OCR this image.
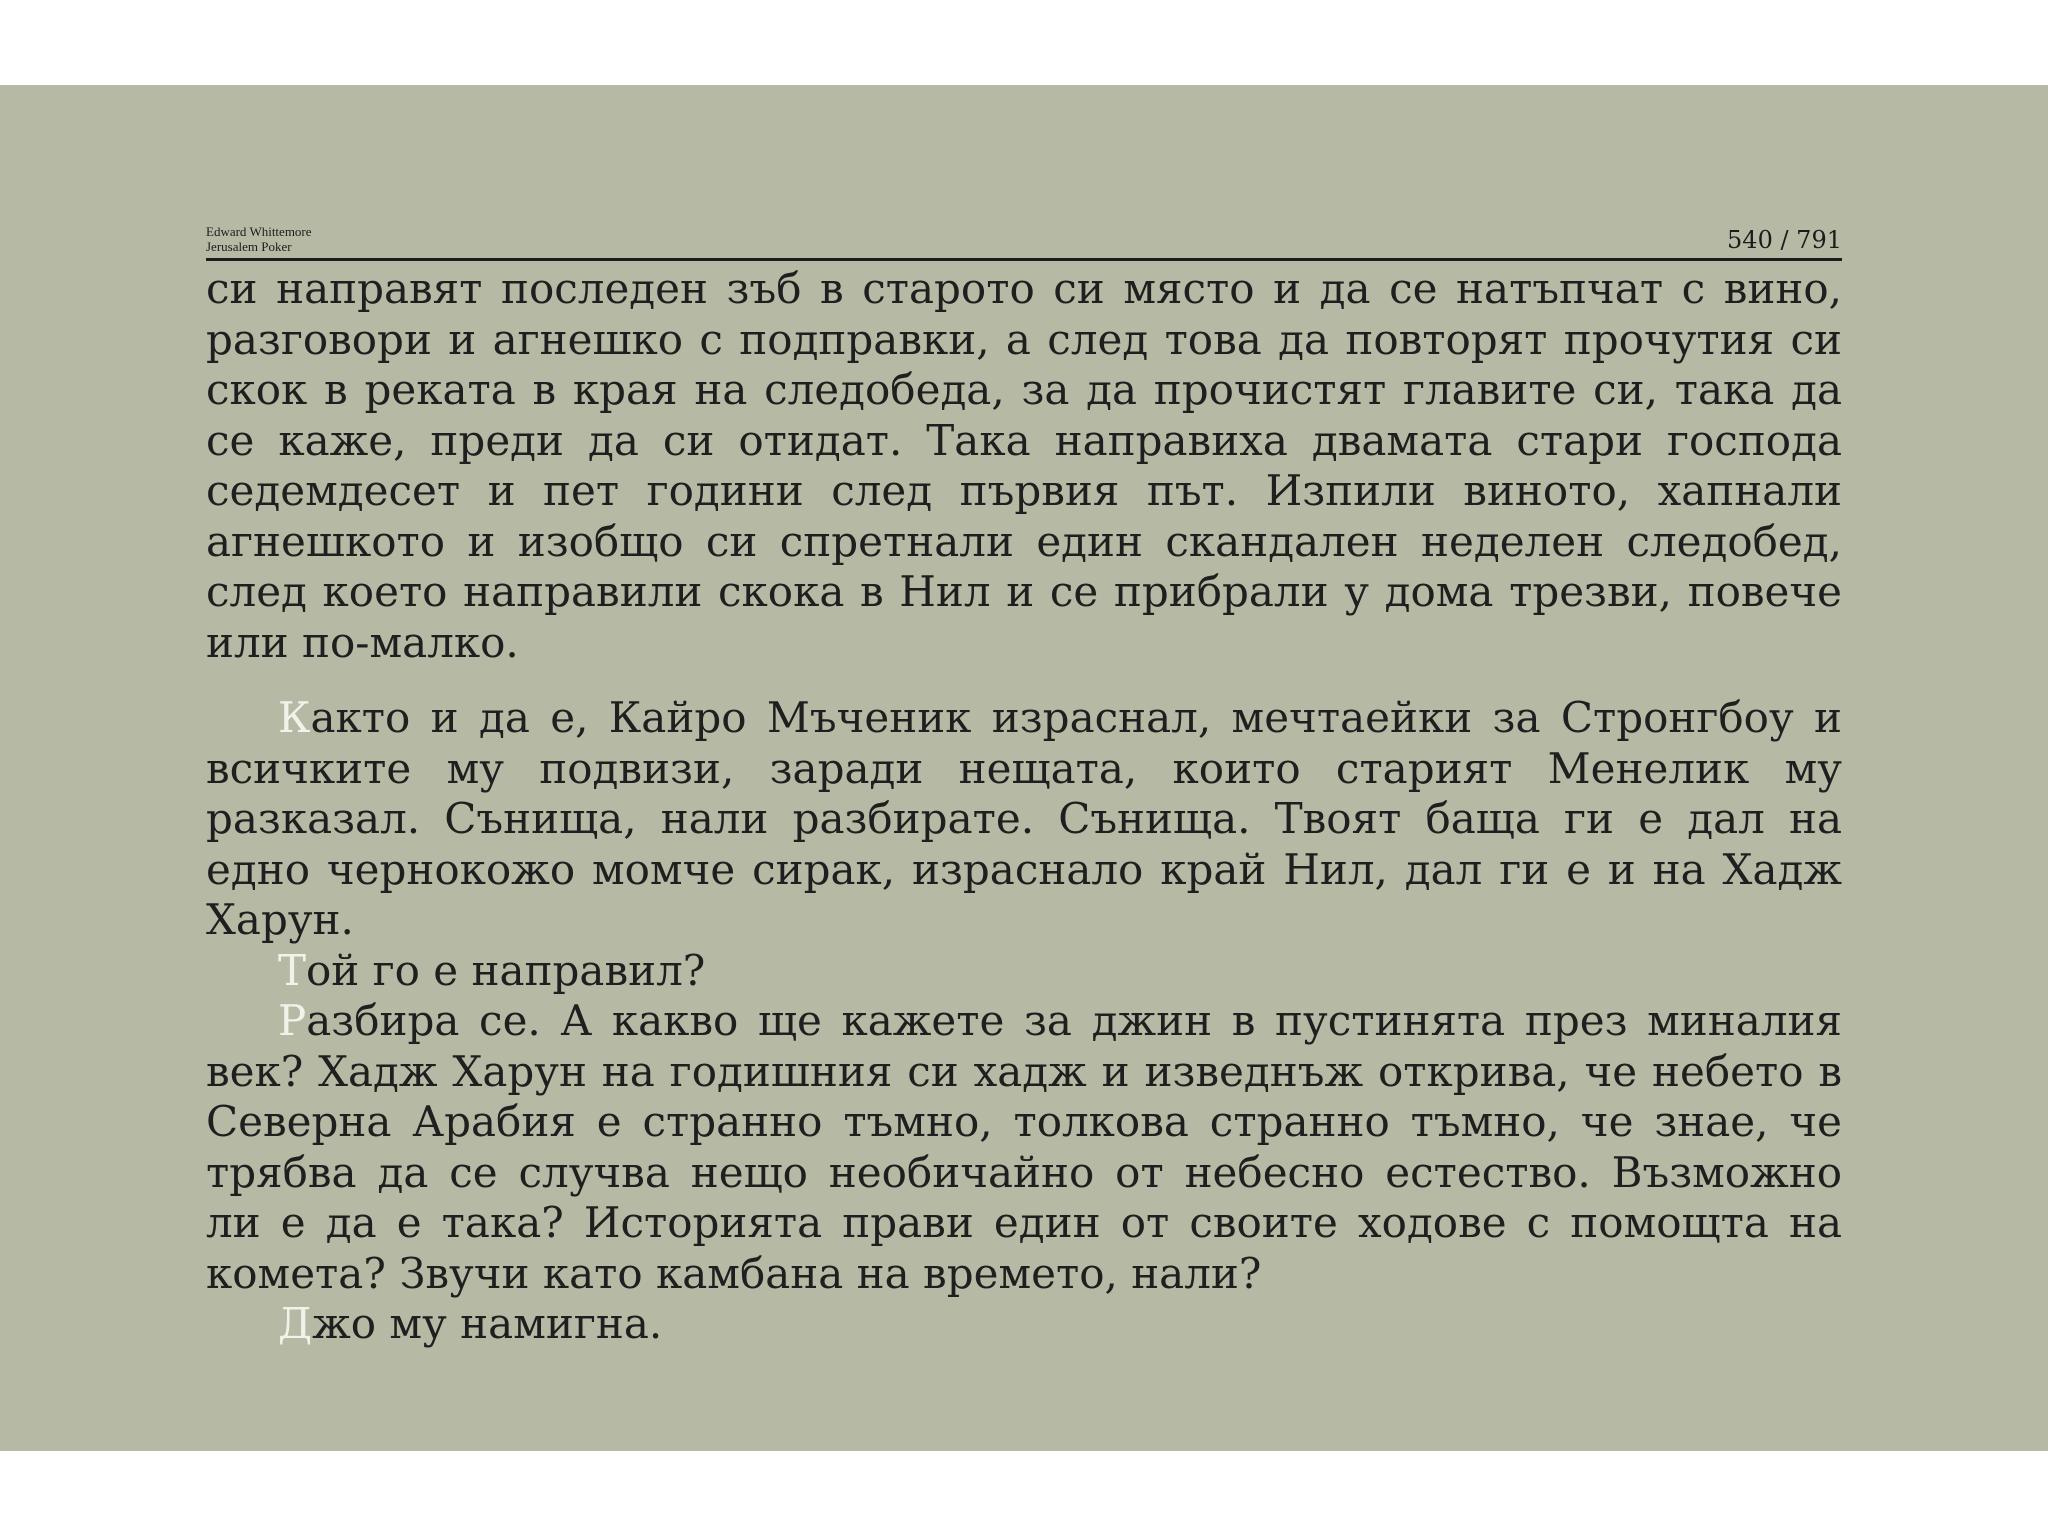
Edward Whittemore
Jerusalem Poker	540 / 791

си направят последен зъб в старото си място и да се натъпчат с вино, разговори и агнешко с подправки, а след това да повторят прочутия си скок в реката в края на следобеда, за да прочистят главите си, така да се каже, преди да си отидат. Така направиха двамата стари господа седемдесет и пет години след първия път. Изпили виното, хапнали агнешкото и изобщо си спретнали един скандален неделен следобед, след което направили скока в Нил и се прибрали у дома трезви, повече или по-малко.

Както и да е, Кайро Мъченик израснал, мечтаейки за Стронгбоу и всичките му подвизи, заради нещата, които старият Менелик му разказал. Сънища, нали разбирате. Сънища. Твоят баща ги е дал на едно чернокожо момче сирак, израснало край Нил, дал ги е и на Хадж Харун.

Той го е направил?

Разбира се. А какво ще кажете за джин в пустинята през миналия век? Хадж Харун на годишния си хадж и изведнъж открива, че небето в Северна Арабия е странно тъмно, толкова странно тъмно, че знае, че трябва да се случва нещо необичайно от небесно естество. Възможно ли е да е така? Историята прави един от своите ходове с помощта на комета? Звучи като камбана на времето, нали?

Джо му намигна.
